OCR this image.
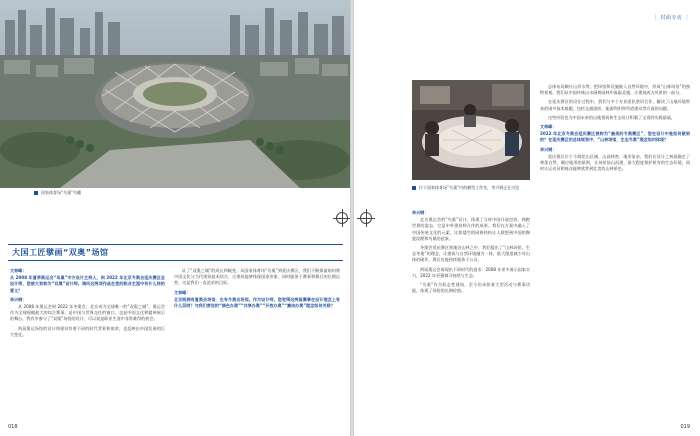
国家体育场“鸟巢”鸟瞰
大国工匠擘画“双奥”场馆
文林峰：
从 2008 年夏季奥运会“鸟巢”中方设计主持人，到 2022 年北京冬奥会延庆赛区总设计师，您被大家称为“双奥”设计师。请问这两项作品在您的职业生涯中有什么样的意义？
李兴钢：
从 2008 年奥运会到 2022 年冬奥会，北京成为全球唯一的“双奥之城”。奥运会作为全球规模最大的综合赛事，是中国与世界交往的窗口，也是中国文化和精神展示的舞台。我有幸参与了“双奥”场馆的设计，可以说是职业生涯中非常难得的机会。
两届奥运场馆的设计和建设有着不同的时代背景和使命，也反映出中国发展的巨大变化。
证了“双奥之城”的成长和蜕变。从国家体育场“鸟巢”到延庆赛区，我们不断探索如何将中国文化与当代建筑技术结合，让建筑能够体现国家形象，同时服务于赛事和赛后的长期运营，这是我们一直追求的目标。
文林峰：
北京既拥有夏奥会场馆，也有冬奥会场馆。作为设计师，您觉得这两届赛事在设计理念上有什么异同？与我们常说的“绿色办奥”“共享办奥”“开放办奥”“廉洁办奥”理念如何关联？
018
｜ 封面专访 ｜
位于国家体育场“鸟巢”内的模型工作室，李兴钢正在讨论
李兴钢：
北京奥运会的“鸟巢”设计，体现了当时中国开放包容、拥抱世界的姿态，它是中外建筑师合作的成果。我们在方案中融入了中国传统文化的元素，比如镂空的网格结构让人联想到中国的陶瓷纹理和鸟巢的意象。
冬奥会延庆赛区则地处山林之中，我们提出了“山林场馆，生态冬奥”的理念，让建筑与自然环境融为一体，最大限度减少对山体的破坏，赛后也能持续服务于公众。
两届奥运会体现出不同时代的追求：2008 年更多展示国家实力，2022 年更强调可持续与生态。
“鸟巢”作为标志性建筑，至今仍承担着大型活动与赛事功能，体现了场馆的长期价值。
总体布局顺应山形水势，把场馆和设施嵌入自然环境中，形成“山林场馆”的独特景观。我们从中国传统山水画和园林中汲取灵感，让建筑成为风景的一部分。
在延庆赛区的设计过程中，我们与多个专业团队密切合作，解决了山地环境带来的诸多技术难题，包括交通组织、能源利用和雪道建设等方面的问题。
这些经验也为中国未来的山地建筑和生态设计积累了宝贵的实践基础。
文林峰：
2022 年北京冬奥会延庆赛区被称为“最美的冬奥赛区”，您在设计中是如何做到的？在延庆赛区的总体规划中，“山林场馆，生态冬奥”理念如何体现？
李兴钢：
延庆赛区位于小海坨山区域，山高林密、地形复杂。我们在设计之初就确定了尊重自然、顺应地形的原则，让场馆依山而建，最大程度保护原有的生态环境，同时让运动员和观众能够欣赏到壮美的山林景色。
019
